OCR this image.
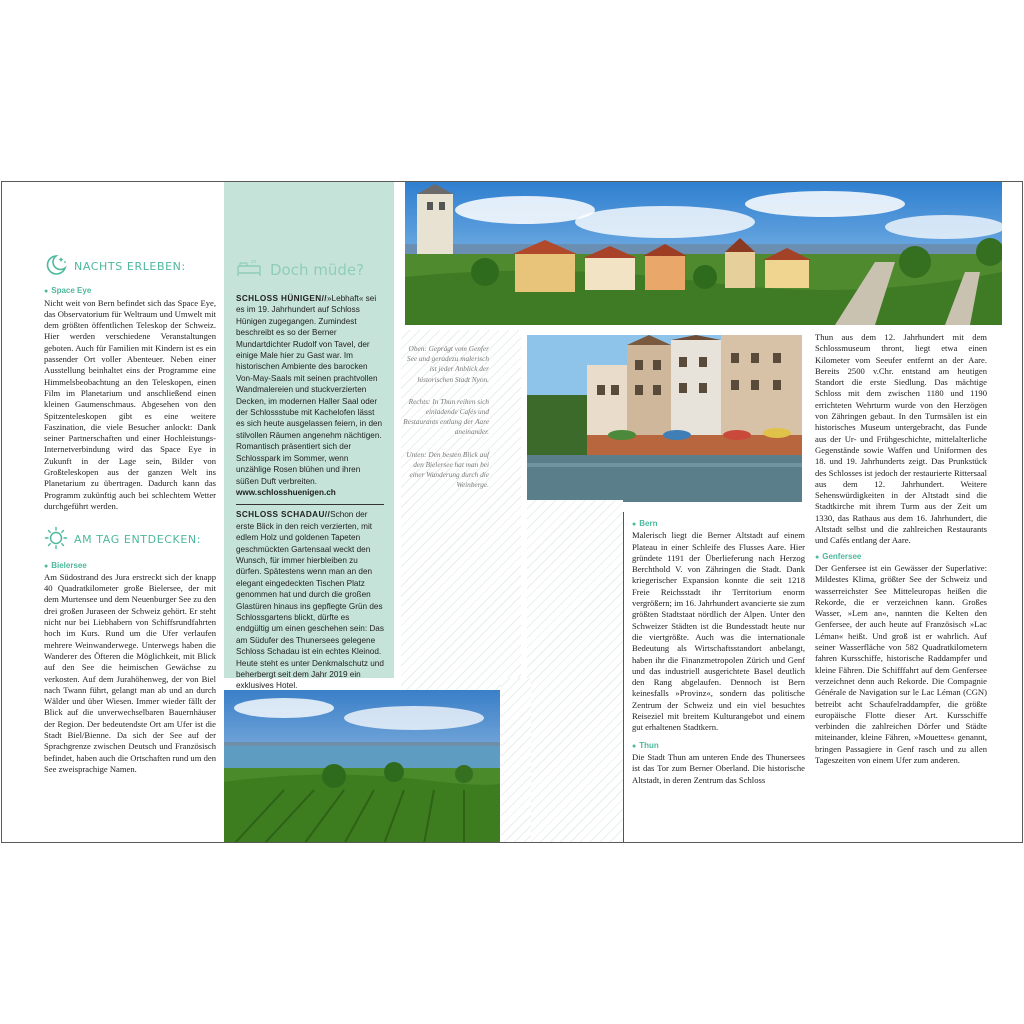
NACHTS ERLEBEN:
● Space Eye
Nicht weit von Bern befindet sich das Space Eye, das Observatorium für Weltraum und Umwelt mit dem größten öffentlichen Teleskop der Schweiz. Hier werden verschiedene Veranstaltungen geboten. Auch für Familien mit Kindern ist es ein passender Ort voller Abenteuer. Neben einer Ausstellung beinhaltet eins der Programme eine Himmelsbeobachtung an den Teleskopen, einen Film im Planetarium und anschließend einen kleinen Gaumenschmaus. Abgesehen von den Spitzenteleskopen gibt es eine weitere Faszination, die viele Besucher anlockt: Dank seiner Partnerschaften und einer Hochleistungs-Internetverbindung wird das Space Eye in Zukunft in der Lage sein, Bilder von Großteleskopen aus der ganzen Welt ins Planetarium zu übertragen. Dadurch kann das Programm zukünftig auch bei schlechtem Wetter durchgeführt werden.
AM TAG ENTDECKEN:
● Bielersee
Am Südostrand des Jura erstreckt sich der knapp 40 Quadratkilometer große Bielersee, der mit dem Murtensee und dem Neuenburger See zu den drei großen Juraseen der Schweiz gehört. Er steht nicht nur bei Liebhabern von Schiffsrundfahrten hoch im Kurs. Rund um die Ufer verlaufen mehrere Weinwanderwege. Unterwegs haben die Wanderer des Öfteren die Möglichkeit, mit Blick auf den See die heimischen Gewächse zu verkosten. Auf dem Jurahöhenweg, der von Biel nach Twann führt, gelangt man ab und an durch Wälder und über Wiesen. Immer wieder fällt der Blick auf die unverwechselbaren Bauernhäuser der Region. Der bedeutendste Ort am Ufer ist die Stadt Biel/Bienne. Da sich der See auf der Sprachgrenze zwischen Deutsch und Französisch befindet, haben auch die Ortschaften rund um den See zweisprachige Namen.
zz Doch müde?
SCHLOSS HÜNIGEN//»Lebhaft« sei es im 19. Jahrhundert auf Schloss Hünigen zugegangen. Zumindest beschreibt es so der Berner Mundartdichter Rudolf von Tavel, der einige Male hier zu Gast war. Im historischen Ambiente des barocken Von-May-Saals mit seinen prachtvollen Wandmalereien und stuckverzierten Decken, im modernen Haller Saal oder der Schlossstube mit Kachelofen lässt es sich heute ausgelassen feiern, in den stilvollen Räumen angenehm nächtigen. Romantisch präsentiert sich der Schlosspark im Sommer, wenn unzählige Rosen blühen und ihren süßen Duft verbreiten.
www.schlosshuenigen.ch
SCHLOSS SCHADAU//Schon der erste Blick in den reich verzierten, mit edlem Holz und goldenen Tapeten geschmückten Gartensaal weckt den Wunsch, für immer hierbleiben zu dürfen. Spätestens wenn man an den elegant eingedeckten Tischen Platz genommen hat und durch die großen Glastüren hinaus ins gepflegte Grün des Schlossgartens blickt, dürfte es endgültig um einen geschehen sein: Das am Südufer des Thunersees gelegene Schloss Schadau ist ein echtes Kleinod. Heute steht es unter Denkmalschutz und beherbergt seit dem Jahr 2019 ein exklusives Hotel.
Oben: Geprägt vom Genfer See und geradezu malerisch ist jeder Anblick der historischen Stadt Nyon.
Rechts: In Thun reihen sich einladende Cafés und Restaurants entlang der Aare aneinander.
Unten: Den besten Blick auf den Bielersee hat man bei einer Wanderung durch die Weinberge.
● Bern
Malerisch liegt die Berner Altstadt auf einem Plateau in einer Schleife des Flusses Aare. Hier gründete 1191 der Überlieferung nach Herzog Berchthold V. von Zähringen die Stadt. Dank kriegerischer Expansion konnte die seit 1218 Freie Reichsstadt ihr Territorium enorm vergrößern; im 16. Jahrhundert avancierte sie zum größten Stadtstaat nördlich der Alpen. Unter den Schweizer Städten ist die Bundesstadt heute nur die viertgrößte. Auch was die internationale Bedeutung als Wirtschaftsstandort anbelangt, haben ihr die Finanzmetropolen Zürich und Genf und das industriell ausgerichtete Basel deutlich den Rang abgelaufen. Dennoch ist Bern keinesfalls »Provinz«, sondern das politische Zentrum der Schweiz und ein viel besuchtes Reiseziel mit breitem Kulturangebot und einem gut erhaltenen Stadtkern.
● Thun
Die Stadt Thun am unteren Ende des Thunersees ist das Tor zum Berner Oberland. Die historische Altstadt, in deren Zentrum das Schloss
Thun aus dem 12. Jahrhundert mit dem Schlossmuseum thront, liegt etwa einen Kilometer vom Seeufer entfernt an der Aare. Bereits 2500 v.Chr. entstand am heutigen Standort die erste Siedlung. Das mächtige Schloss mit dem zwischen 1180 und 1190 errichteten Wehrturm wurde von den Herzögen von Zähringen gebaut. In den Turmsälen ist ein historisches Museum untergebracht, das Funde aus der Ur- und Frühgeschichte, mittelalterliche Gegenstände sowie Waffen und Uniformen des 18. und 19. Jahrhunderts zeigt. Das Prunkstück des Schlosses ist jedoch der restaurierte Rittersaal aus dem 12. Jahrhundert. Weitere Sehenswürdigkeiten in der Altstadt sind die Stadtkirche mit ihrem Turm aus der Zeit um 1330, das Rathaus aus dem 16. Jahrhundert, die Altstadt selbst und die zahlreichen Restaurants und Cafés entlang der Aare.
● Genfersee
Der Genfersee ist ein Gewässer der Superlative: Mildestes Klima, größter See der Schweiz und wasserreichster See Mitteleuropas heißen die Rekorde, die er verzeichnen kann. Großes Wasser, »Lem an«, nannten die Kelten den Genfersee, der auch heute auf Französisch »Lac Léman« heißt. Und groß ist er wahrlich. Auf seiner Wasserfläche von 582 Quadratkilometern fahren Kursschiffe, historische Raddampfer und kleine Fähren. Die Schifffahrt auf dem Genfersee verzeichnet denn auch Rekorde. Die Compagnie Générale de Navigation sur le Lac Léman (CGN) betreibt acht Schaufelraddampfer, die größte europäische Flotte dieser Art. Kursschiffe verbinden die zahlreichen Dörfer und Städte miteinander, kleine Fähren, »Mouettes« genannt, bringen Passagiere in Genf rasch und zu allen Tageszeiten von einem Ufer zum anderen.
